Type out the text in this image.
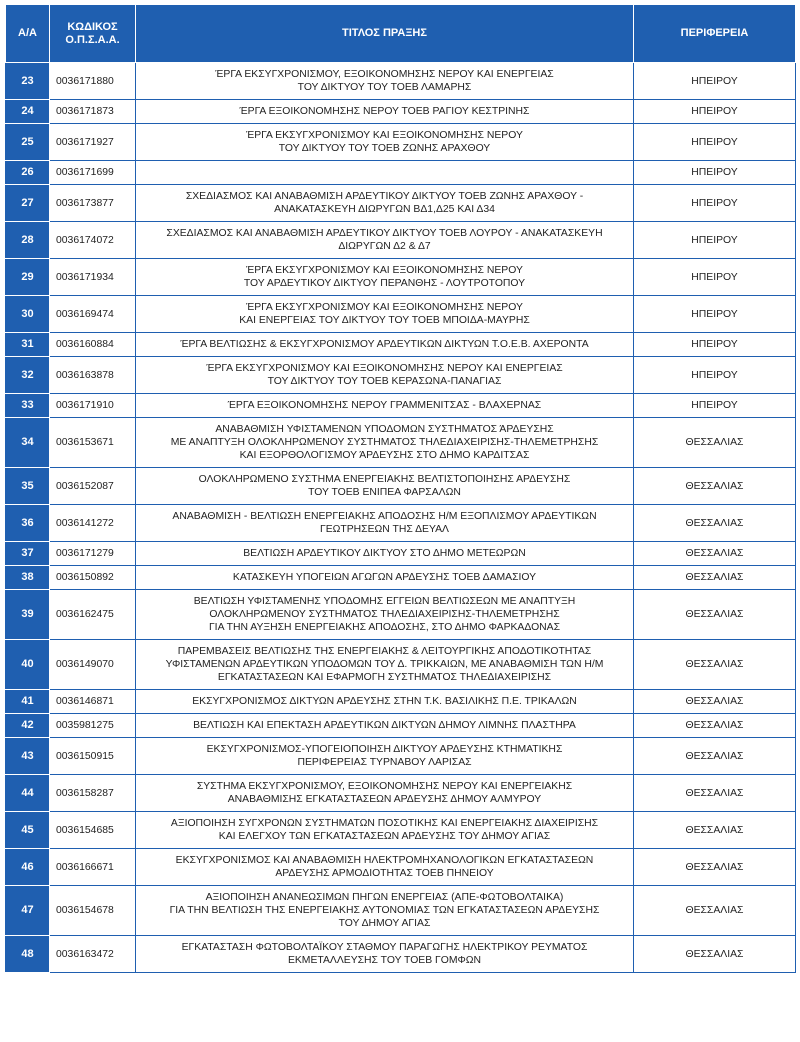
Α/Α	ΚΩΔΙΚΟΣ
Ο.Π.Σ.Α.Α.	ΤΙΤΛΟΣ ΠΡΑΞΗΣ	ΠΕΡΙΦΕΡΕΙΑ
23	0036171880	ΈΡΓΑ ΕΚΣΥΓΧΡΟΝΙΣΜΟΥ, ΕΞΟΙΚΟΝΟΜΗΣΗΣ ΝΕΡΟΥ ΚΑΙ ΕΝΕΡΓΕΙΑΣ
ΤΟΥ ΔΙΚΤΥΟΥ ΤΟΥ ΤΟΕΒ ΛΑΜΑΡΗΣ	ΗΠΕΙΡΟΥ
24	0036171873	ΈΡΓΑ ΕΞΟΙΚΟΝΟΜΗΣΗΣ ΝΕΡΟΥ ΤΟΕΒ ΡΑΓΙΟΥ ΚΕΣΤΡΙΝΗΣ	ΗΠΕΙΡΟΥ
25	0036171927	ΈΡΓΑ ΕΚΣΥΓΧΡΟΝΙΣΜΟΥ ΚΑΙ ΕΞΟΙΚΟΝΟΜΗΣΗΣ ΝΕΡΟΥ
ΤΟΥ ΔΙΚΤΥΟΥ ΤΟΥ ΤΟΕΒ ΖΩΝΗΣ ΑΡΑΧΘΟΥ	ΗΠΕΙΡΟΥ
26	0036171699		ΗΠΕΙΡΟΥ
27	0036173877	ΣΧΕΔΙΑΣΜΟΣ ΚΑΙ ΑΝΑΒΑΘΜΙΣΗ ΑΡΔΕΥΤΙΚΟΥ ΔΙΚΤΥΟΥ ΤΟΕΒ ΖΩΝΗΣ ΑΡΑΧΘΟΥ -
ΑΝΑΚΑΤΑΣΚΕΥΗ ΔΙΩΡΥΓΩΝ ΒΔ1,Δ25 ΚΑΙ Δ34	ΗΠΕΙΡΟΥ
28	0036174072	ΣΧΕΔΙΑΣΜΟΣ ΚΑΙ ΑΝΑΒΑΘΜΙΣΗ ΑΡΔΕΥΤΙΚΟΥ ΔΙΚΤΥΟΥ ΤΟΕΒ ΛΟΥΡΟΥ - ΑΝΑΚΑΤΑΣΚΕΥΗ
ΔΙΩΡΥΓΩΝ Δ2 & Δ7	ΗΠΕΙΡΟΥ
29	0036171934	ΈΡΓΑ ΕΚΣΥΓΧΡΟΝΙΣΜΟΥ ΚΑΙ ΕΞΟΙΚΟΝΟΜΗΣΗΣ ΝΕΡΟΥ
ΤΟΥ ΑΡΔΕΥΤΙΚΟΥ ΔΙΚΤΥΟΥ ΠΕΡΑΝΘΗΣ - ΛΟΥΤΡΟΤΟΠΟΥ	ΗΠΕΙΡΟΥ
30	0036169474	ΈΡΓΑ ΕΚΣΥΓΧΡΟΝΙΣΜΟΥ ΚΑΙ ΕΞΟΙΚΟΝΟΜΗΣΗΣ ΝΕΡΟΥ
ΚΑΙ ΕΝΕΡΓΕΙΑΣ ΤΟΥ ΔΙΚΤΥΟΥ ΤΟΥ ΤΟΕΒ ΜΠΟΙΔΑ-ΜΑΥΡΗΣ	ΗΠΕΙΡΟΥ
31	0036160884	ΈΡΓΑ ΒΕΛΤΙΩΣΗΣ & ΕΚΣΥΓΧΡΟΝΙΣΜΟΥ ΑΡΔΕΥΤΙΚΩΝ ΔΙΚΤΥΩΝ Τ.Ο.Ε.Β. ΑΧΕΡΟΝΤΑ	ΗΠΕΙΡΟΥ
32	0036163878	ΈΡΓΑ ΕΚΣΥΓΧΡΟΝΙΣΜΟΥ ΚΑΙ ΕΞΟΙΚΟΝΟΜΗΣΗΣ ΝΕΡΟΥ ΚΑΙ ΕΝΕΡΓΕΙΑΣ
ΤΟΥ ΔΙΚΤΥΟΥ ΤΟΥ ΤΟΕΒ ΚΕΡΑΣΩΝΑ-ΠΑΝΑΓΙΑΣ	ΗΠΕΙΡΟΥ
33	0036171910	ΈΡΓΑ ΕΞΟΙΚΟΝΟΜΗΣΗΣ ΝΕΡΟΥ ΓΡΑΜΜΕΝΙΤΣΑΣ - ΒΛΑΧΕΡΝΑΣ	ΗΠΕΙΡΟΥ
34	0036153671	ΑΝΑΒΑΘΜΙΣΗ ΥΦΙΣΤΑΜΕΝΩΝ ΥΠΟΔΟΜΩΝ ΣΥΣΤΗΜΑΤΟΣ ΆΡΔΕΥΣΗΣ
ΜΕ ΑΝΑΠΤΥΞΗ ΟΛΟΚΛΗΡΩΜΕΝΟΥ ΣΥΣΤΗΜΑΤΟΣ ΤΗΛΕΔΙΑΧΕΙΡΙΣΗΣ-ΤΗΛΕΜΕΤΡΗΣΗΣ
ΚΑΙ ΕΞΟΡΘΟΛΟΓΙΣΜΟΥ ΆΡΔΕΥΣΗΣ ΣΤΟ ΔΗΜΟ ΚΑΡΔΙΤΣΑΣ	ΘΕΣΣΑΛΙΑΣ
35	0036152087	ΟΛΟΚΛΗΡΩΜΕΝΟ ΣΥΣΤΗΜΑ ΕΝΕΡΓΕΙΑΚΗΣ ΒΕΛΤΙΣΤΟΠΟΙΗΣΗΣ ΑΡΔΕΥΣΗΣ
ΤΟΥ ΤΟΕΒ ΕΝΙΠΕΑ ΦΑΡΣΑΛΩΝ	ΘΕΣΣΑΛΙΑΣ
36	0036141272	ΑΝΑΒΑΘΜΙΣΗ - ΒΕΛΤΙΩΣΗ ΕΝΕΡΓΕΙΑΚΗΣ ΑΠΟΔΟΣΗΣ Η/Μ ΕΞΟΠΛΙΣΜΟΥ ΑΡΔΕΥΤΙΚΩΝ
ΓΕΩΤΡΗΣΕΩΝ ΤΗΣ ΔΕΥΑΛ	ΘΕΣΣΑΛΙΑΣ
37	0036171279	ΒΕΛΤΙΩΣΗ ΑΡΔΕΥΤΙΚΟΥ ΔΙΚΤΥΟΥ ΣΤΟ ΔΗΜΟ ΜΕΤΕΩΡΩΝ	ΘΕΣΣΑΛΙΑΣ
38	0036150892	ΚΑΤΑΣΚΕΥΗ ΥΠΟΓΕΙΩΝ ΑΓΩΓΩΝ ΑΡΔΕΥΣΗΣ ΤΟΕΒ ΔΑΜΑΣΙΟΥ	ΘΕΣΣΑΛΙΑΣ
39	0036162475	ΒΕΛΤΙΩΣΗ ΥΦΙΣΤΑΜΕΝΗΣ ΥΠΟΔΟΜΗΣ ΕΓΓΕΙΩΝ ΒΕΛΤΙΩΣΕΩΝ ΜΕ ΑΝΑΠΤΥΞΗ
ΟΛΟΚΛΗΡΩΜΕΝΟΥ ΣΥΣΤΗΜΑΤΟΣ ΤΗΛΕΔΙΑΧΕΙΡΙΣΗΣ-ΤΗΛΕΜΕΤΡΗΣΗΣ
ΓΙΑ ΤΗΝ ΑΥΞΗΣΗ ΕΝΕΡΓΕΙΑΚΗΣ ΑΠΟΔΟΣΗΣ, ΣΤΟ ΔΗΜΟ ΦΑΡΚΑΔΟΝΑΣ	ΘΕΣΣΑΛΙΑΣ
40	0036149070	ΠΑΡΕΜΒΑΣΕΙΣ ΒΕΛΤΙΩΣΗΣ ΤΗΣ ΕΝΕΡΓΕΙΑΚΗΣ & ΛΕΙΤΟΥΡΓΙΚΗΣ ΑΠΟΔΟΤΙΚΟΤΗΤΑΣ
ΥΦΙΣΤΑΜΕΝΩΝ ΑΡΔΕΥΤΙΚΩΝ ΥΠΟΔΟΜΩΝ ΤΟΥ Δ. ΤΡΙΚΚΑΙΩΝ, ΜΕ ΑΝΑΒΑΘΜΙΣΗ ΤΩΝ Η/Μ
ΕΓΚΑΤΑΣΤΑΣΕΩΝ ΚΑΙ ΕΦΑΡΜΟΓΗ ΣΥΣΤΗΜΑΤΟΣ ΤΗΛΕΔΙΑΧΕΙΡΙΣΗΣ	ΘΕΣΣΑΛΙΑΣ
41	0036146871	ΕΚΣΥΓΧΡΟΝΙΣΜΟΣ ΔΙΚΤΥΩΝ ΑΡΔΕΥΣΗΣ ΣΤΗΝ Τ.Κ. ΒΑΣΙΛΙΚΗΣ Π.Ε. ΤΡΙΚΑΛΩΝ	ΘΕΣΣΑΛΙΑΣ
42	0035981275	ΒΕΛΤΙΩΣΗ ΚΑΙ ΕΠΕΚΤΑΣΗ ΑΡΔΕΥΤΙΚΩΝ ΔΙΚΤΥΩΝ ΔΗΜΟΥ ΛΙΜΝΗΣ ΠΛΑΣΤΗΡΑ	ΘΕΣΣΑΛΙΑΣ
43	0036150915	ΕΚΣΥΓΧΡΟΝΙΣΜΟΣ-ΥΠΟΓΕΙΟΠΟΙΗΣΗ ΔΙΚΤΥΟΥ ΑΡΔΕΥΣΗΣ ΚΤΗΜΑΤΙΚΗΣ
ΠΕΡΙΦΕΡΕΙΑΣ ΤΥΡΝΑΒΟΥ ΛΑΡΙΣΑΣ	ΘΕΣΣΑΛΙΑΣ
44	0036158287	ΣΥΣΤΗΜΑ ΕΚΣΥΓΧΡΟΝΙΣΜΟΥ, ΕΞΟΙΚΟΝΟΜΗΣΗΣ ΝΕΡΟΥ ΚΑΙ ΕΝΕΡΓΕΙΑΚΗΣ
ΑΝΑΒΑΘΜΙΣΗΣ ΕΓΚΑΤΑΣΤΑΣΕΩΝ ΑΡΔΕΥΣΗΣ ΔΗΜΟΥ ΑΛΜΥΡΟΥ	ΘΕΣΣΑΛΙΑΣ
45	0036154685	ΑΞΙΟΠΟΙΗΣΗ ΣΥΓΧΡΟΝΩΝ ΣΥΣΤΗΜΑΤΩΝ ΠΟΣΟΤΙΚΗΣ ΚΑΙ ΕΝΕΡΓΕΙΑΚΗΣ ΔΙΑΧΕΙΡΙΣΗΣ
ΚΑΙ ΕΛΕΓΧΟΥ ΤΩΝ ΕΓΚΑΤΑΣΤΑΣΕΩΝ ΑΡΔΕΥΣΗΣ ΤΟΥ ΔΗΜΟΥ ΑΓΙΑΣ	ΘΕΣΣΑΛΙΑΣ
46	0036166671	ΕΚΣΥΓΧΡΟΝΙΣΜΟΣ ΚΑΙ ΑΝΑΒΑΘΜΙΣΗ ΗΛΕΚΤΡΟΜΗΧΑΝΟΛΟΓΙΚΩΝ ΕΓΚΑΤΑΣΤΑΣΕΩΝ
ΑΡΔΕΥΣΗΣ ΑΡΜΟΔΙΟΤΗΤΑΣ ΤΟΕΒ ΠΗΝΕΙΟΥ	ΘΕΣΣΑΛΙΑΣ
47	0036154678	ΑΞΙΟΠΟΙΗΣΗ ΑΝΑΝΕΩΣΙΜΩΝ ΠΗΓΩΝ ΕΝΕΡΓΕΙΑΣ (ΑΠΕ-ΦΩΤΟΒΟΛΤΑΙΚΑ)
ΓΙΑ ΤΗΝ ΒΕΛΤΙΩΣΗ ΤΗΣ ΕΝΕΡΓΕΙΑΚΗΣ ΑΥΤΟΝΟΜΙΑΣ ΤΩΝ ΕΓΚΑΤΑΣΤΑΣΕΩΝ ΑΡΔΕΥΣΗΣ
ΤΟΥ ΔΗΜΟΥ ΑΓΙΑΣ	ΘΕΣΣΑΛΙΑΣ
48	0036163472	ΕΓΚΑΤΑΣΤΑΣΗ ΦΩΤΟΒΟΛΤΑΪΚΟΥ ΣΤΑΘΜΟΥ ΠΑΡΑΓΩΓΗΣ ΗΛΕΚΤΡΙΚΟΥ ΡΕΥΜΑΤΟΣ
ΕΚΜΕΤΑΛΛΕΥΣΗΣ ΤΟΥ ΤΟΕΒ ΓΟΜΦΩΝ	ΘΕΣΣΑΛΙΑΣ
